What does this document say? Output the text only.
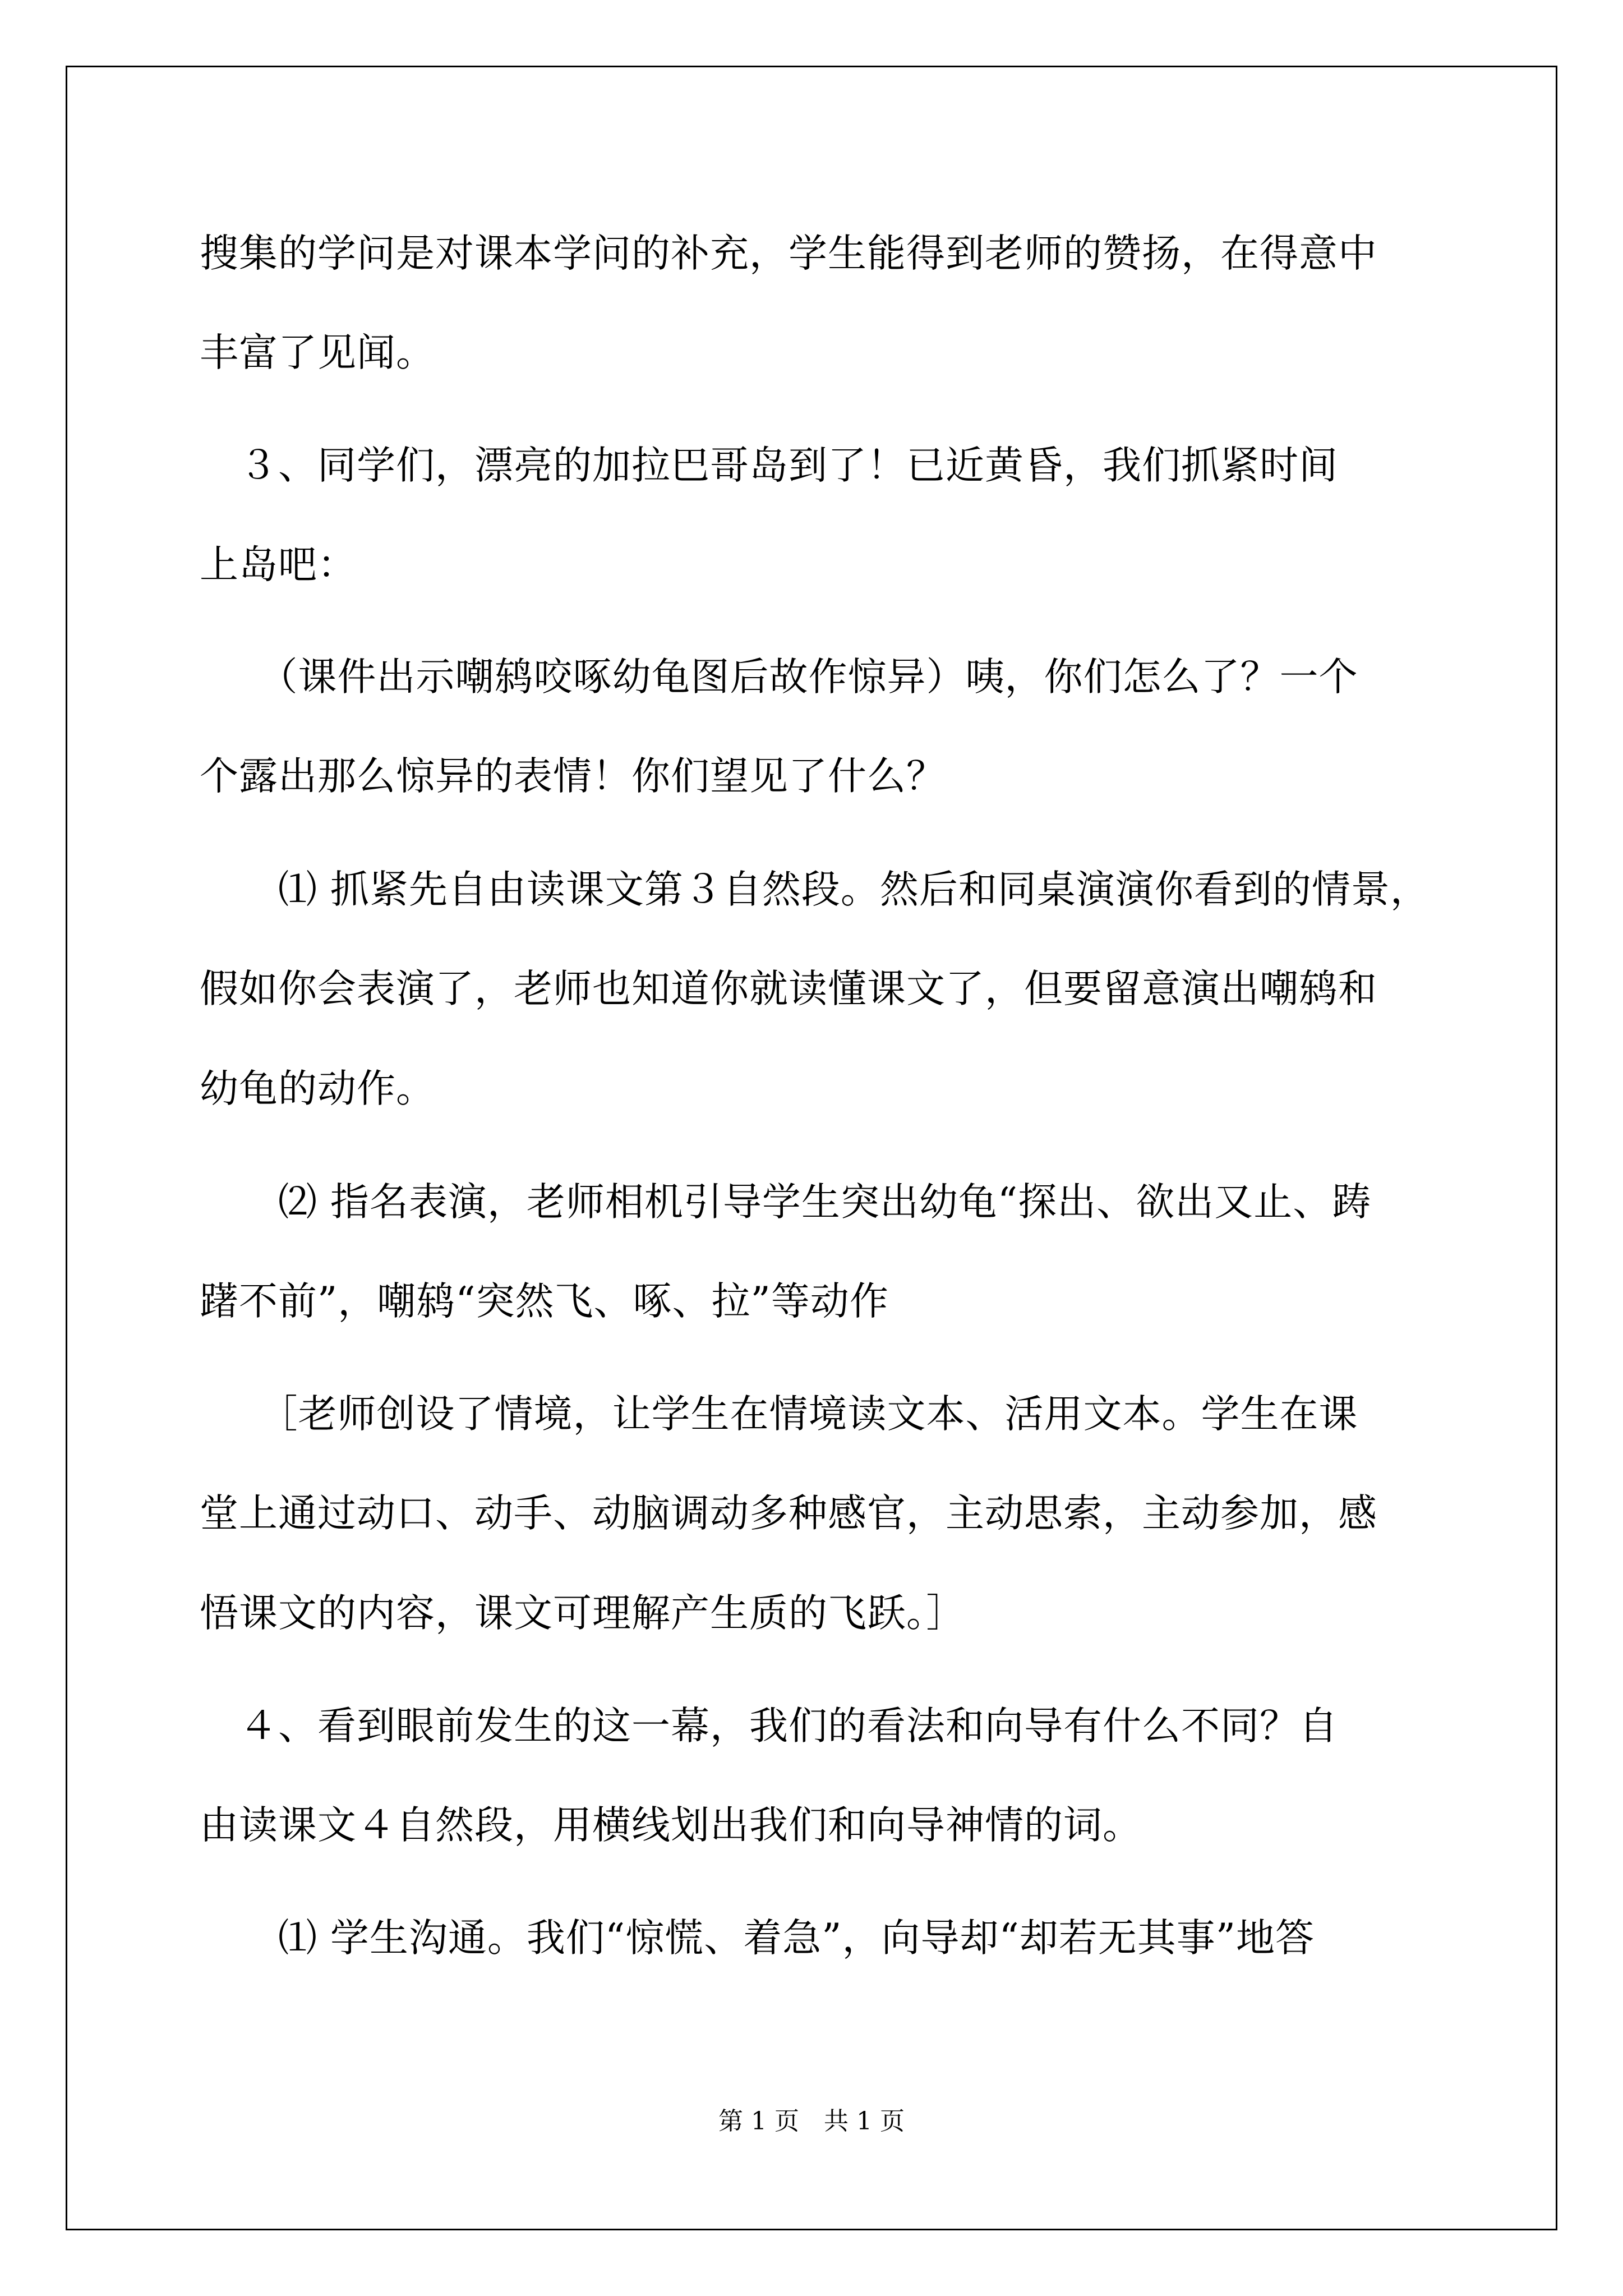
搜集的学问是对课本学问的补充，学生能得到老师的赞扬，在得意中
丰富了见闻。
　３、同学们，漂亮的加拉巴哥岛到了！已近黄昏，我们抓紧时间
上岛吧：
　　（课件出示嘲鸫咬啄幼龟图后故作惊异）咦，你们怎么了？一个
个露出那么惊异的表情！你们望见了什么？
　　⑴ 抓紧先自由读课文第３自然段。然后和同桌演演你看到的情景，
假如你会表演了，老师也知道你就读懂课文了，但要留意演出嘲鸫和
幼龟的动作。
　　⑵ 指名表演，老师相机引导学生突出幼龟“探出、欲出又止、踌
躇不前”，嘲鸫“突然飞、啄、拉”等动作
　　［老师创设了情境，让学生在情境读文本、活用文本。学生在课
堂上通过动口、动手、动脑调动多种感官，主动思索，主动参加，感
悟课文的内容，课文可理解产生质的飞跃。］
　４、看到眼前发生的这一幕，我们的看法和向导有什么不同？自
由读课文４自然段，用横线划出我们和向导神情的词。
　　⑴ 学生沟通。我们“惊慌、着急”，向导却“却若无其事”地答
第 1 页　共 1 页
